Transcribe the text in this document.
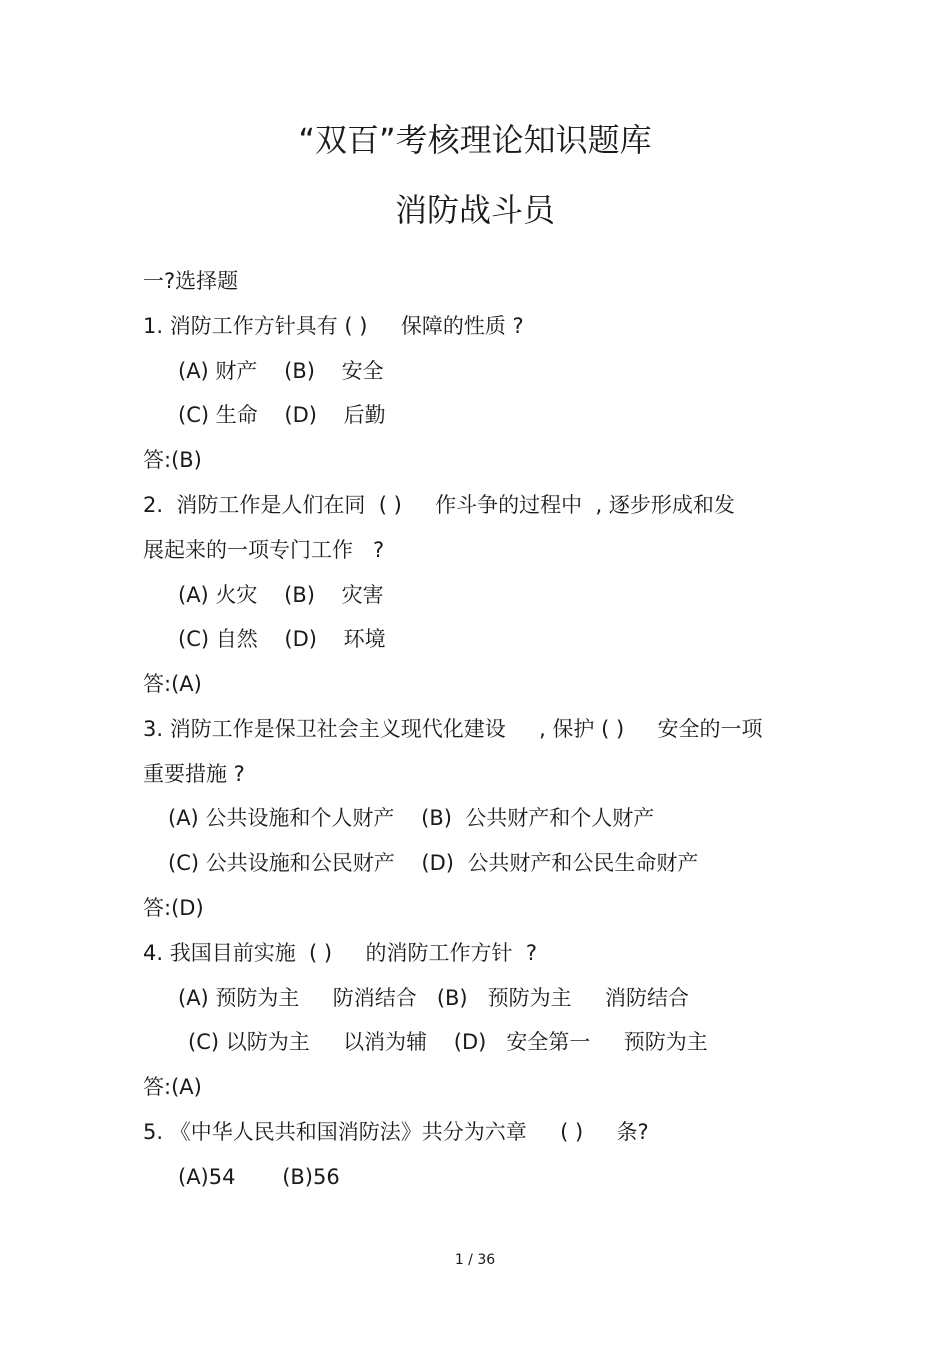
“双百”考核理论知识题库
消防战斗员

一?选择题

1. 消防工作方针具有 ( )     保障的性质 ?

(A) 财产    (B)    安全

(C) 生命    (D)    后勤

答:(B)

2.  消防工作是人们在同  ( )     作斗争的过程中  , 逐步形成和发

展起来的一项专门工作   ?

(A) 火灾    (B)    灾害

(C) 自然    (D)    环境

答:(A)

3. 消防工作是保卫社会主义现代化建设     , 保护 ( )     安全的一项

重要措施 ?

(A) 公共设施和个人财产    (B)  公共财产和个人财产

(C) 公共设施和公民财产    (D)  公共财产和公民生命财产

答:(D)

4. 我国目前实施  ( )     的消防工作方针  ?

(A) 预防为主     防消结合   (B)   预防为主     消防结合

(C) 以防为主     以消为辅    (D)   安全第一     预防为主

答:(A)

5. 《中华人民共和国消防法》共分为六章     ( )     条?

(A)54       (B)56

1 / 36
